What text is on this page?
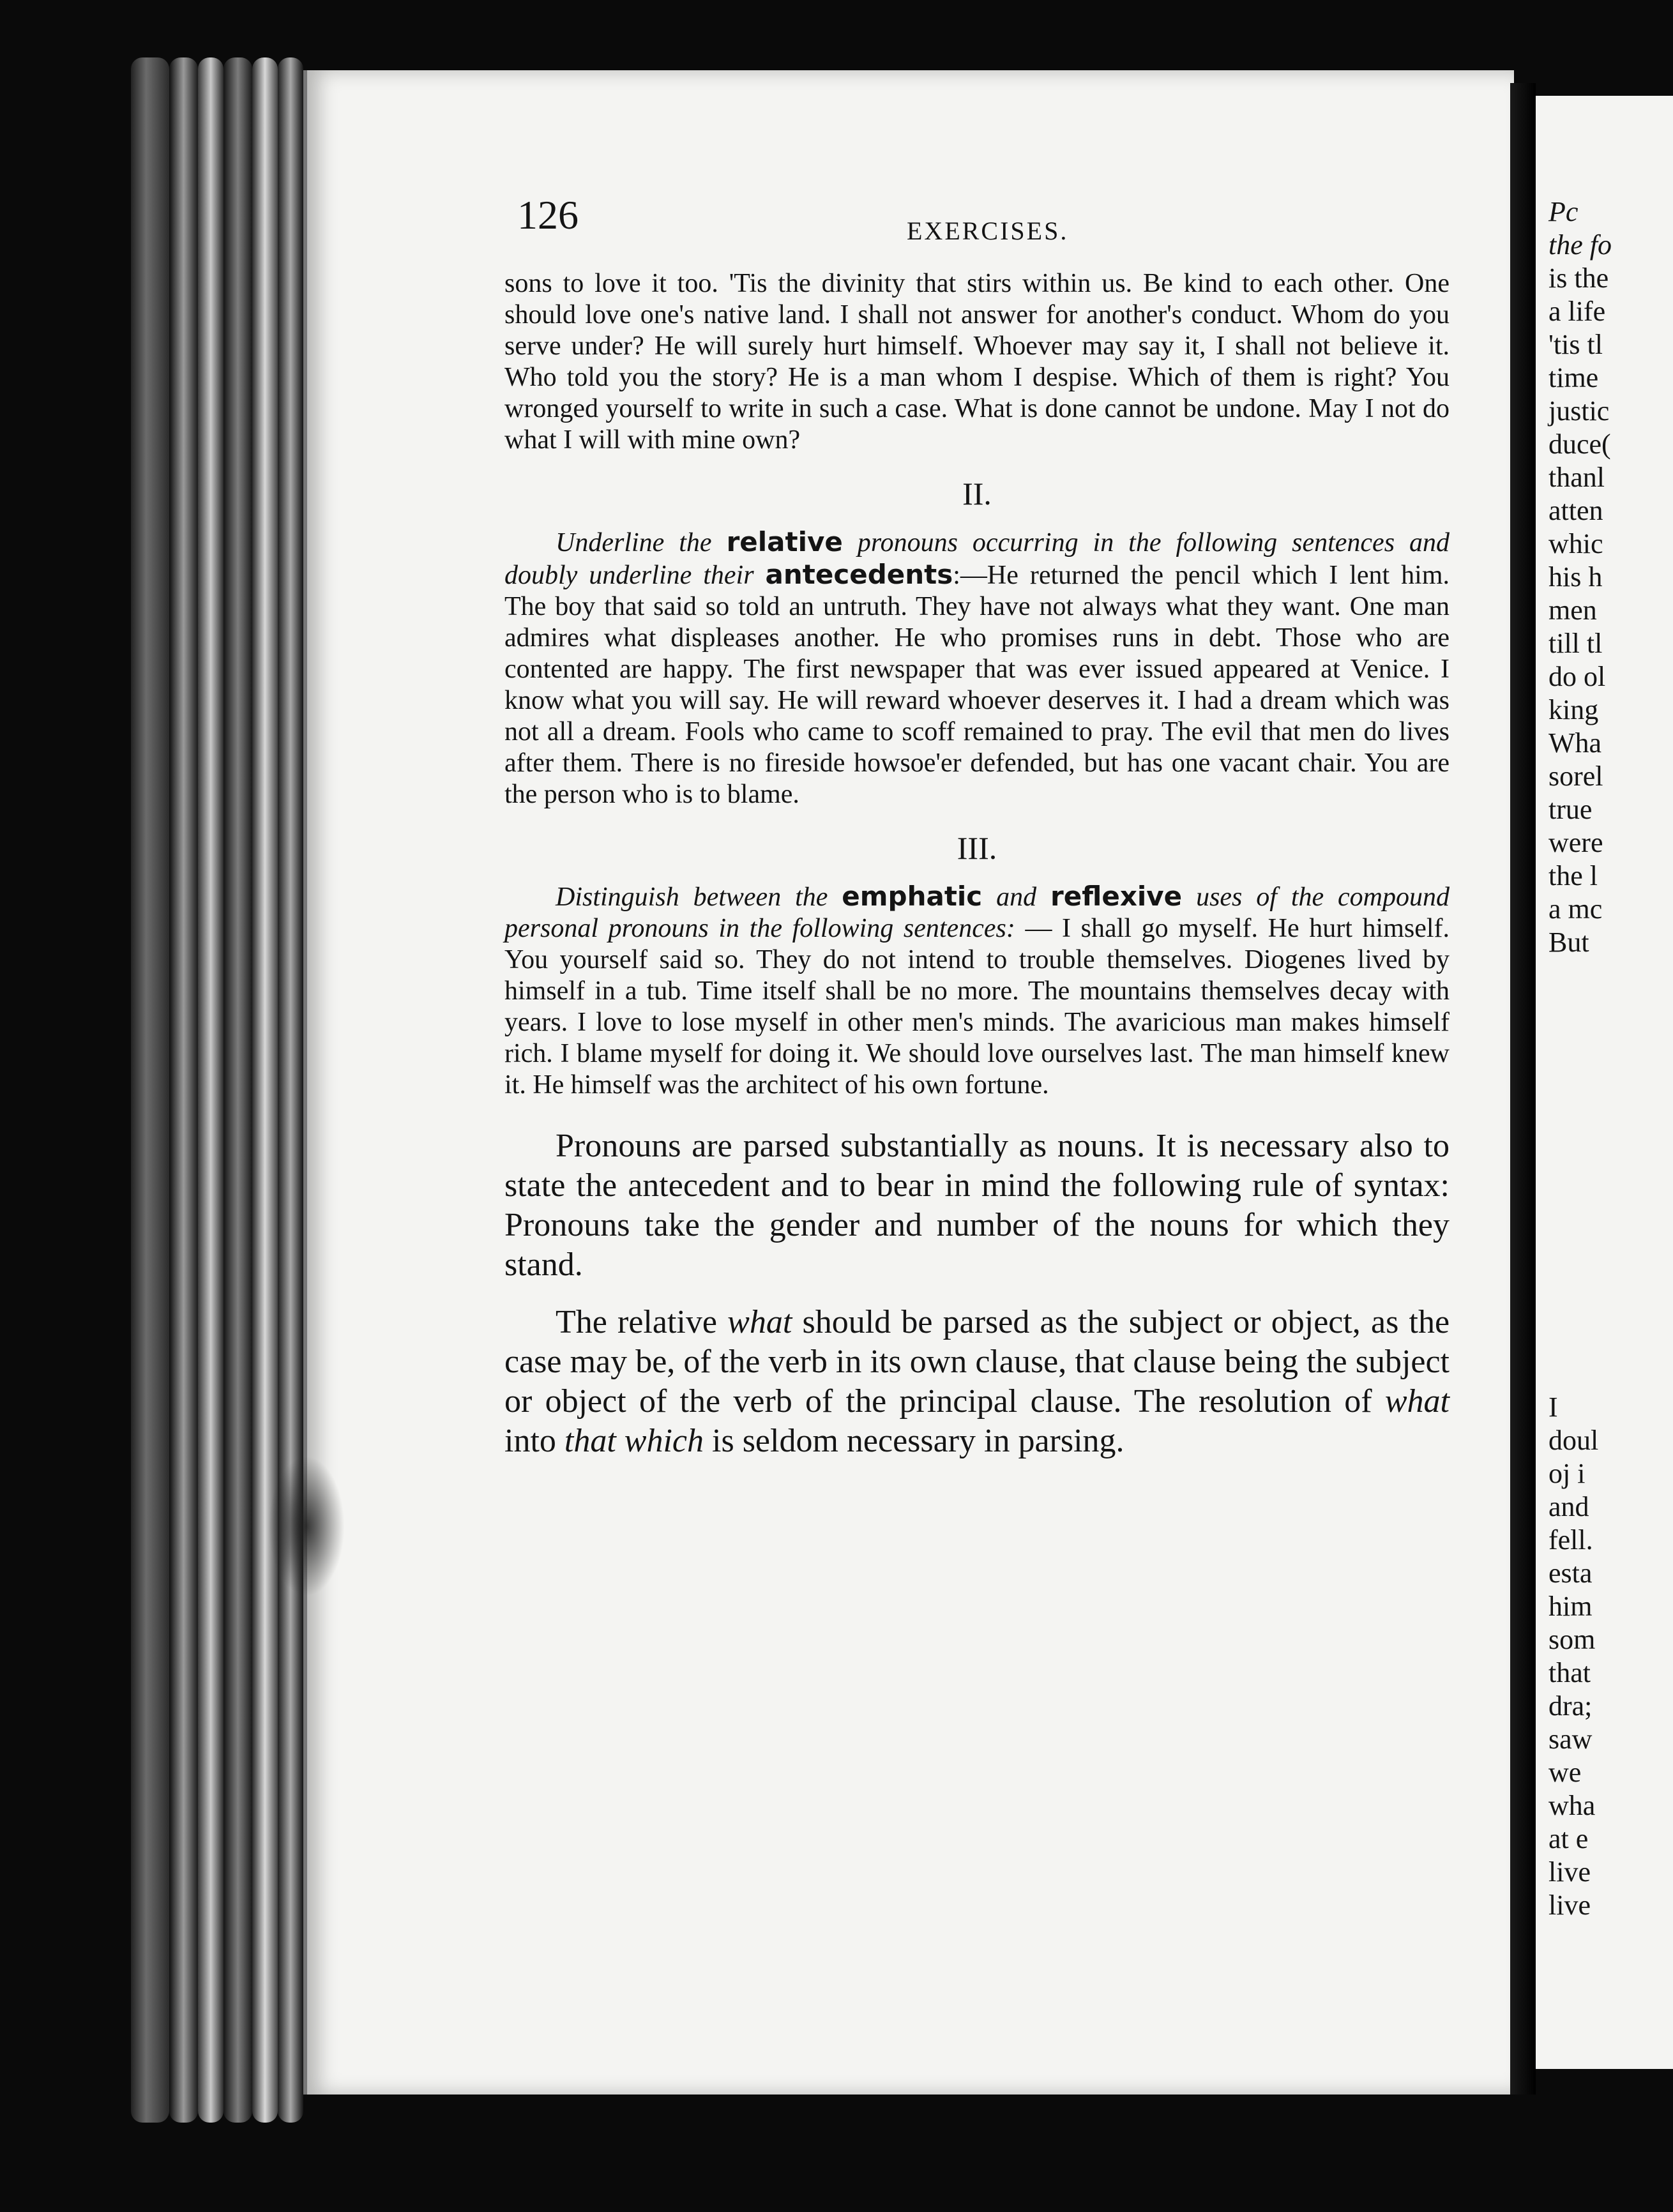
Pc
the fo
is the
a life
'tis tl
time
justic
duce(
thanl
atten
whic
his h
men
till tl
do ol
king
Wha
sorel
true
were
the l
a mc
But
I
doul
oj i
and
fell.
esta
him
som
that
dra;
saw
we
wha
at e
live
live
126	EXERCISES.

sons to love it too. 'Tis the divinity that stirs within us. Be kind to each other. One should love one's native land. I shall not answer for another's conduct. Whom do you serve under? He will surely hurt himself. Whoever may say it, I shall not believe it. Who told you the story? He is a man whom I despise. Which of them is right? You wronged yourself to write in such a case. What is done cannot be undone. May I not do what I will with mine own?

II.

Underline the relative pronouns occurring in the following sentences and doubly underline their antecedents:—He returned the pencil which I lent him. The boy that said so told an untruth. They have not always what they want. One man admires what displeases another. He who promises runs in debt. Those who are contented are happy. The first newspaper that was ever issued appeared at Venice. I know what you will say. He will reward whoever deserves it. I had a dream which was not all a dream. Fools who came to scoff remained to pray. The evil that men do lives after them. There is no fireside howsoe'er defended, but has one vacant chair. You are the person who is to blame.

III.

Distinguish between the emphatic and reflexive uses of the compound personal pronouns in the following sentences: — I shall go myself. He hurt himself. You yourself said so. They do not intend to trouble themselves. Diogenes lived by himself in a tub. Time itself shall be no more. The mountains themselves decay with years. I love to lose myself in other men's minds. The avaricious man makes himself rich. I blame myself for doing it. We should love ourselves last. The man himself knew it. He himself was the architect of his own fortune.

Pronouns are parsed substantially as nouns. It is necessary also to state the antecedent and to bear in mind the following rule of syntax: Pronouns take the gender and number of the nouns for which they stand.

The relative what should be parsed as the subject or object, as the case may be, of the verb in its own clause, that clause being the subject or object of the verb of the principal clause. The resolution of what into that which is seldom necessary in parsing.
